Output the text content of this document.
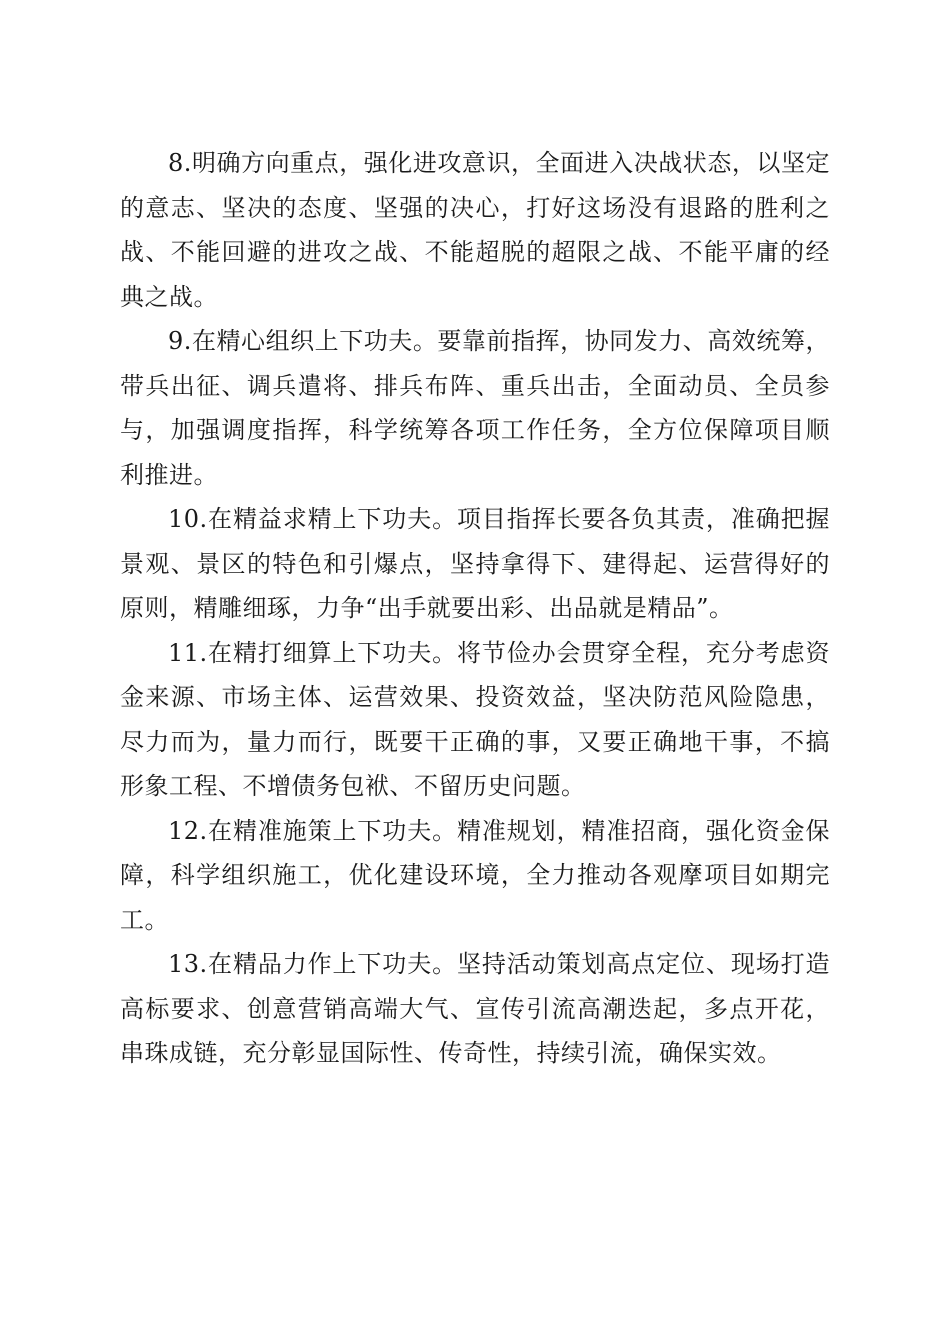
8.明确方向重点，强化进攻意识，全面进入决战状态，以坚定的意志、坚决的态度、坚强的决心，打好这场没有退路的胜利之战、不能回避的进攻之战、不能超脱的超限之战、不能平庸的经典之战。

9.在精心组织上下功夫。要靠前指挥，协同发力、高效统筹，带兵出征、调兵遣将、排兵布阵、重兵出击，全面动员、全员参与，加强调度指挥，科学统筹各项工作任务，全方位保障项目顺利推进。

10.在精益求精上下功夫。项目指挥长要各负其责，准确把握景观、景区的特色和引爆点，坚持拿得下、建得起、运营得好的原则，精雕细琢，力争“出手就要出彩、出品就是精品”。

11.在精打细算上下功夫。将节俭办会贯穿全程，充分考虑资金来源、市场主体、运营效果、投资效益，坚决防范风险隐患，尽力而为，量力而行，既要干正确的事，又要正确地干事，不搞形象工程、不增债务包袱、不留历史问题。

12.在精准施策上下功夫。精准规划，精准招商，强化资金保障，科学组织施工，优化建设环境，全力推动各观摩项目如期完工。

13.在精品力作上下功夫。坚持活动策划高点定位、现场打造高标要求、创意营销高端大气、宣传引流高潮迭起，多点开花，串珠成链，充分彰显国际性、传奇性，持续引流，确保实效。
